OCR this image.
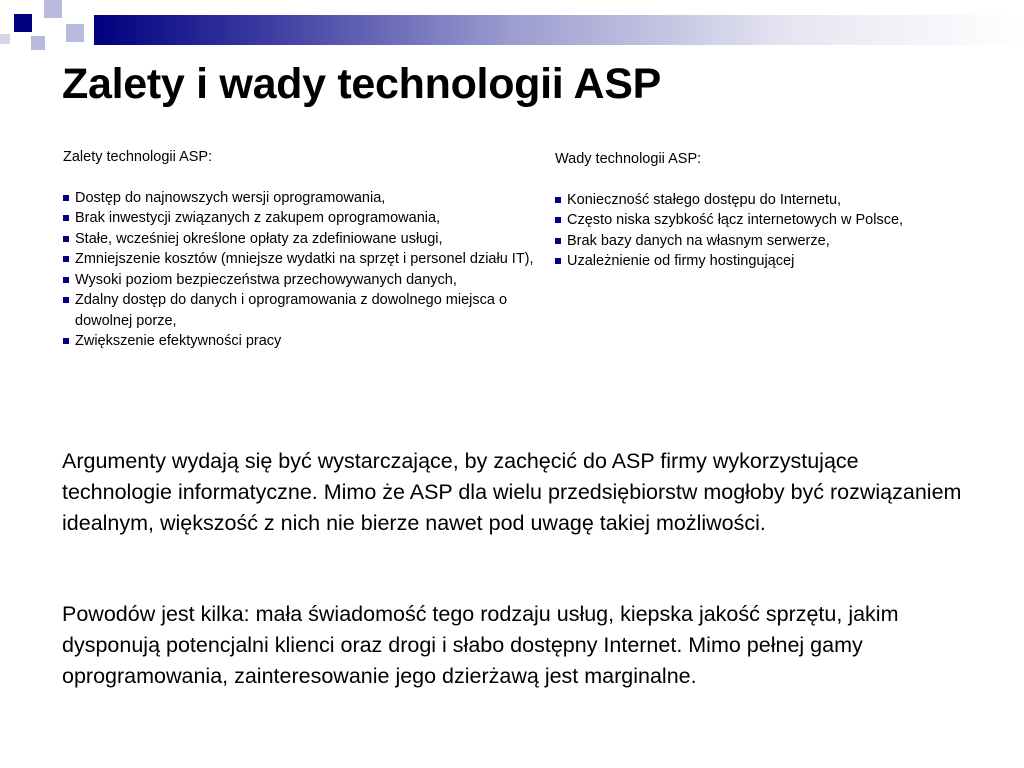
Zalety i wady technologii ASP

Zalety technologii ASP:

Dostęp do najnowszych wersji oprogramowania,
Brak inwestycji związanych z zakupem oprogramowania,
Stałe, wcześniej określone opłaty za zdefiniowane usługi,
Zmniejszenie kosztów (mniejsze wydatki na sprzęt i personel działu IT),
Wysoki poziom bezpieczeństwa przechowywanych danych,
Zdalny dostęp do danych i oprogramowania z dowolnego miejsca o dowolnej porze,
Zwiększenie efektywności pracy

Wady technologii ASP:

Konieczność stałego dostępu do Internetu,
Często niska szybkość łącz internetowych w Polsce,
Brak bazy danych na własnym serwerze,
Uzależnienie od firmy hostingującej

Argumenty wydają się być wystarczające, by zachęcić do ASP firmy wykorzystujące technologie informatyczne. Mimo że ASP dla wielu przedsiębiorstw mogłoby być rozwiązaniem idealnym, większość z nich nie bierze nawet pod uwagę takiej możliwości.

Powodów jest kilka: mała świadomość tego rodzaju usług, kiepska jakość sprzętu, jakim dysponują potencjalni klienci oraz drogi i słabo dostępny Internet. Mimo pełnej gamy oprogramowania, zainteresowanie jego dzierżawą jest marginalne.
